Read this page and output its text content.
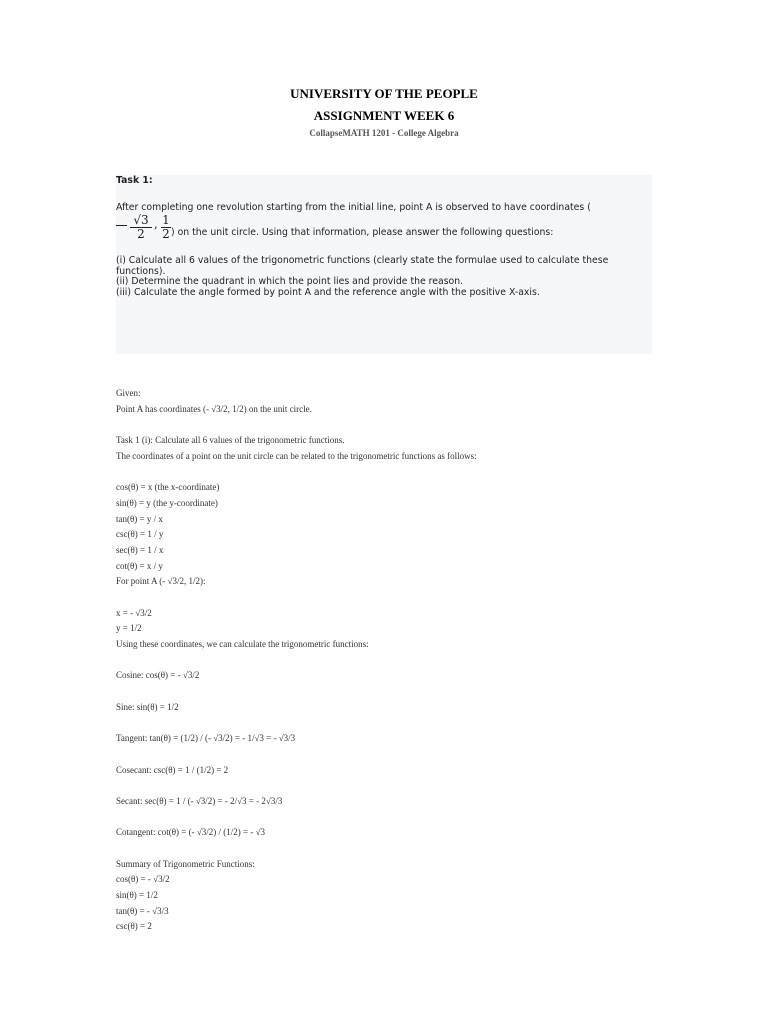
UNIVERSITY OF THE PEOPLE
ASSIGNMENT WEEK 6
CollapseMATH 1201 - College Algebra
Task 1:
After completing one revolution starting from the initial line, point A is observed to have coordinates (
$\frac{√3}{2}$ , $\frac{1}{2}$ ) on the unit circle. Using that information, please answer the following questions:
(i) Calculate all 6 values of the trigonometric functions (clearly state the formulae used to calculate these functions).
(ii) Determine the quadrant in which the point lies and provide the reason.
(iii) Calculate the angle formed by point A and the reference angle with the positive X-axis.
Given:
Point A has coordinates (- √3/2, 1/2) on the unit circle.
Task 1 (i): Calculate all 6 values of the trigonometric functions.
The coordinates of a point on the unit circle can be related to the trigonometric functions as follows:
cos(θ) = x (the x-coordinate)
sin(θ) = y (the y-coordinate)
tan(θ) = y / x
csc(θ) = 1 / y
sec(θ) = 1 / x
cot(θ) = x / y
For point A (- √3/2, 1/2):
x = - √3/2
y = 1/2
Using these coordinates, we can calculate the trigonometric functions:
Cosine: cos(θ) = - √3/2
Sine: sin(θ) = 1/2
Tangent: tan(θ) = (1/2) / (- √3/2) = - 1/√3 = - √3/3
Cosecant: csc(θ) = 1 / (1/2) = 2
Secant: sec(θ) = 1 / (- √3/2) = - 2/√3 = - 2√3/3
Cotangent: cot(θ) = (- √3/2) / (1/2) = - √3
Summary of Trigonometric Functions:
cos(θ) = - √3/2
sin(θ) = 1/2
tan(θ) = - √3/3
csc(θ) = 2
